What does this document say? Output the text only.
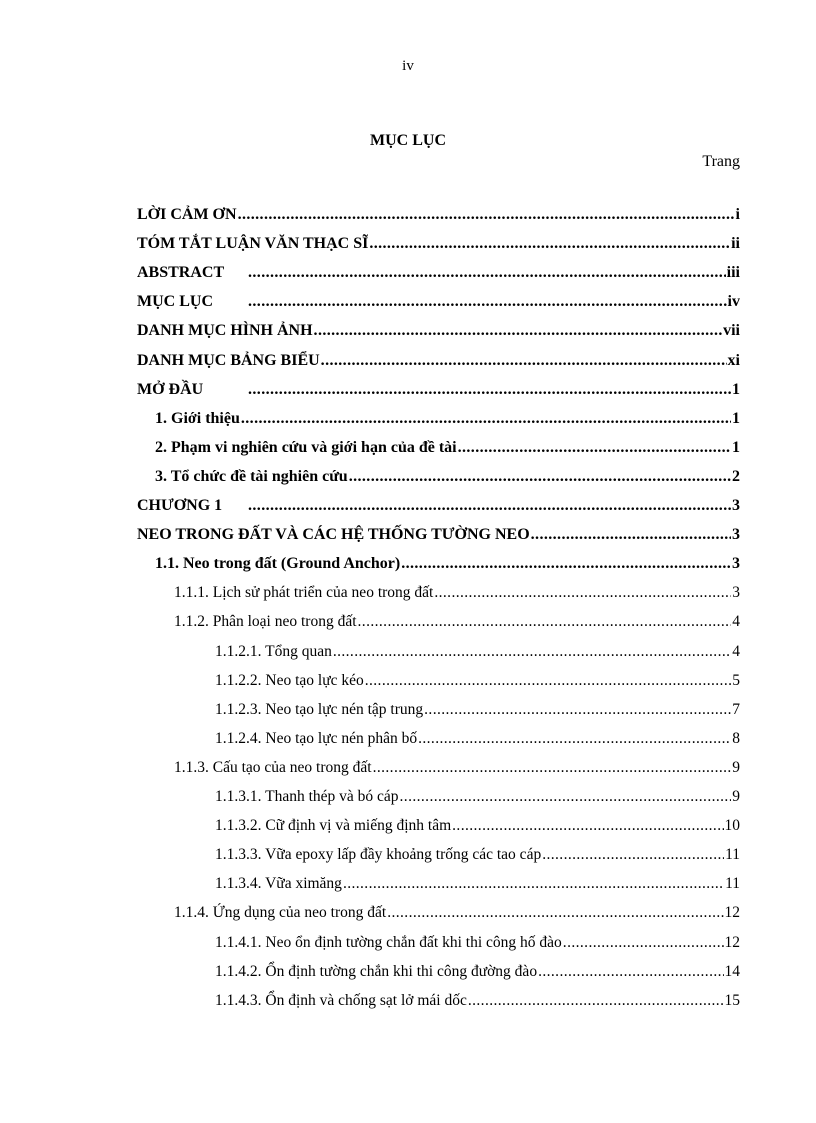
iv
MỤC LỤC
Trang
LỜI CẢM ƠN .....	i
TÓM TẮT LUẬN VĂN THẠC SĨ .....	ii
ABSTRACT .....	iii
MỤC LỤC .....	iv
DANH MỤC HÌNH ẢNH .....	vii
DANH MỤC BẢNG BIỂU .....	xi
MỞ ĐẦU .....	1
1. Giới thiệu .....	1
2. Phạm vi nghiên cứu và giới hạn của đề tài .....	1
3. Tổ chức đề tài nghiên cứu .....	2
CHƯƠNG 1 .....	3
NEO TRONG ĐẤT VÀ CÁC HỆ THỐNG TƯỜNG NEO .....	3
1.1. Neo trong đất (Ground Anchor) .....	3
1.1.1. Lịch sử phát triển của neo trong đất .....	3
1.1.2. Phân loại neo trong đất .....	4
1.1.2.1. Tổng quan .....	4
1.1.2.2. Neo tạo lực kéo .....	5
1.1.2.3. Neo tạo lực nén tập trung .....	7
1.1.2.4. Neo tạo lực nén phân bố .....	8
1.1.3. Cấu tạo của neo trong đất .....	9
1.1.3.1. Thanh thép và bó cáp .....	9
1.1.3.2. Cữ định vị và miếng định tâm .....	10
1.1.3.3. Vữa epoxy lấp đầy khoảng trống các tao cáp .....	11
1.1.3.4. Vữa ximăng .....	11
1.1.4. Ứng dụng của neo trong đất .....	12
1.1.4.1. Neo ổn định tường chắn đất khi thi công hố đào .....	12
1.1.4.2. Ổn định tường chắn khi thi công đường đào .....	14
1.1.4.3. Ổn định và chống sạt lở mái dốc .....	15
